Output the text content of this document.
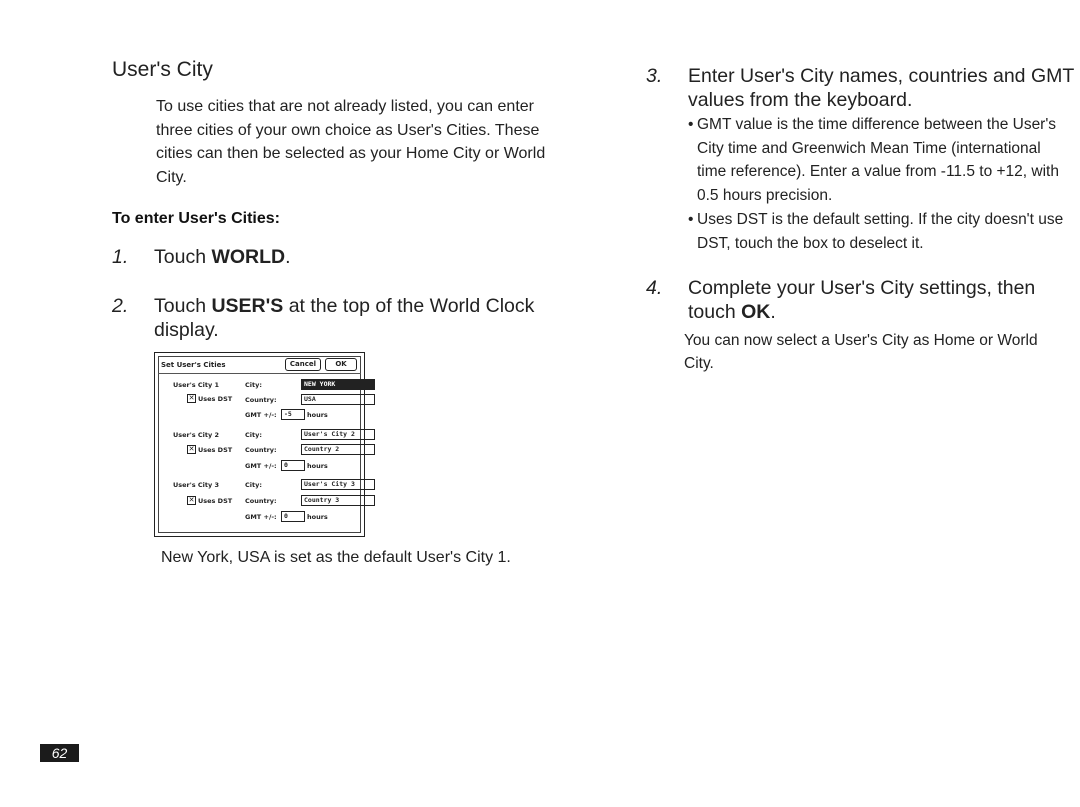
User's City
To use cities that are not already listed, you can enter three cities of your own choice as User's Cities. These cities can then be selected as your Home City or World City.
To enter User's Cities:
1. Touch WORLD.
2. Touch USER'S at the top of the World Clock display.
Set User's Cities	Cancel	OK
User's City 1
✕ Uses DST
City:	NEW YORK
Country:	USA
GMT +/-:	-5	hours
User's City 2
✕ Uses DST
City:	User's City 2
Country:	Country 2
GMT +/-:	0	hours
User's City 3
✕ Uses DST
City:	User's City 3
Country:	Country 3
GMT +/-:	0	hours
New York, USA is set as the default User's City 1.
3. Enter User's City names, countries and GMT values from the keyboard.
• GMT value is the time difference between the User's City time and Greenwich Mean Time (international time reference). Enter a value from -11.5 to +12, with 0.5 hours precision.
• Uses DST is the default setting. If the city doesn't use DST, touch the box to deselect it.
4. Complete your User's City settings, then touch OK.
You can now select a User's City as Home or World City.
62
